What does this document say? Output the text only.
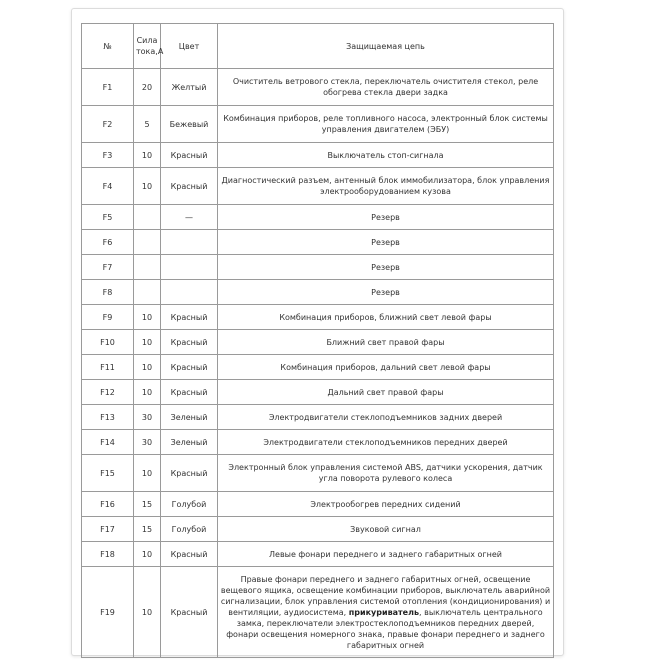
№	Сила тока,А	Цвет	Защищаемая цепь
F1	20	Желтый	Очиститель ветрового стекла, переключатель очистителя стекол, реле обогрева стекла двери задка
F2	5	Бежевый	Комбинация приборов, реле топливного насоса, электронный блок системы управления двигателем (ЭБУ)
F3	10	Красный	Выключатель стоп-сигнала
F4	10	Красный	Диагностический разъем, антенный блок иммобилизатора, блок управления электрооборудованием кузова
F5		—	Резерв
F6			Резерв
F7			Резерв
F8			Резерв
F9	10	Красный	Комбинация приборов, ближний свет левой фары
F10	10	Красный	Ближний свет правой фары
F11	10	Красный	Комбинация приборов, дальний свет левой фары
F12	10	Красный	Дальний свет правой фары
F13	30	Зеленый	Электродвигатели стеклоподъемников задних дверей
F14	30	Зеленый	Электродвигатели стеклоподъемников передних дверей
F15	10	Красный	Электронный блок управления системой ABS, датчики ускорения, датчик угла поворота рулевого колеса
F16	15	Голубой	Электрообогрев передних сидений
F17	15	Голубой	Звуковой сигнал
F18	10	Красный	Левые фонари переднего и заднего габаритных огней
F19	10	Красный	Правые фонари переднего и заднего габаритных огней, освещение вещевого ящика, освещение комбинации приборов, выключатель аварийной сигнализации, блок управления системой отопления (кондиционирования) и вентиляции, аудиосистема, прикуриватель, выключатель центрального замка, переключатели электростеклоподъемников передних дверей, фонари освещения номерного знака, правые фонари переднего и заднего габаритных огней
